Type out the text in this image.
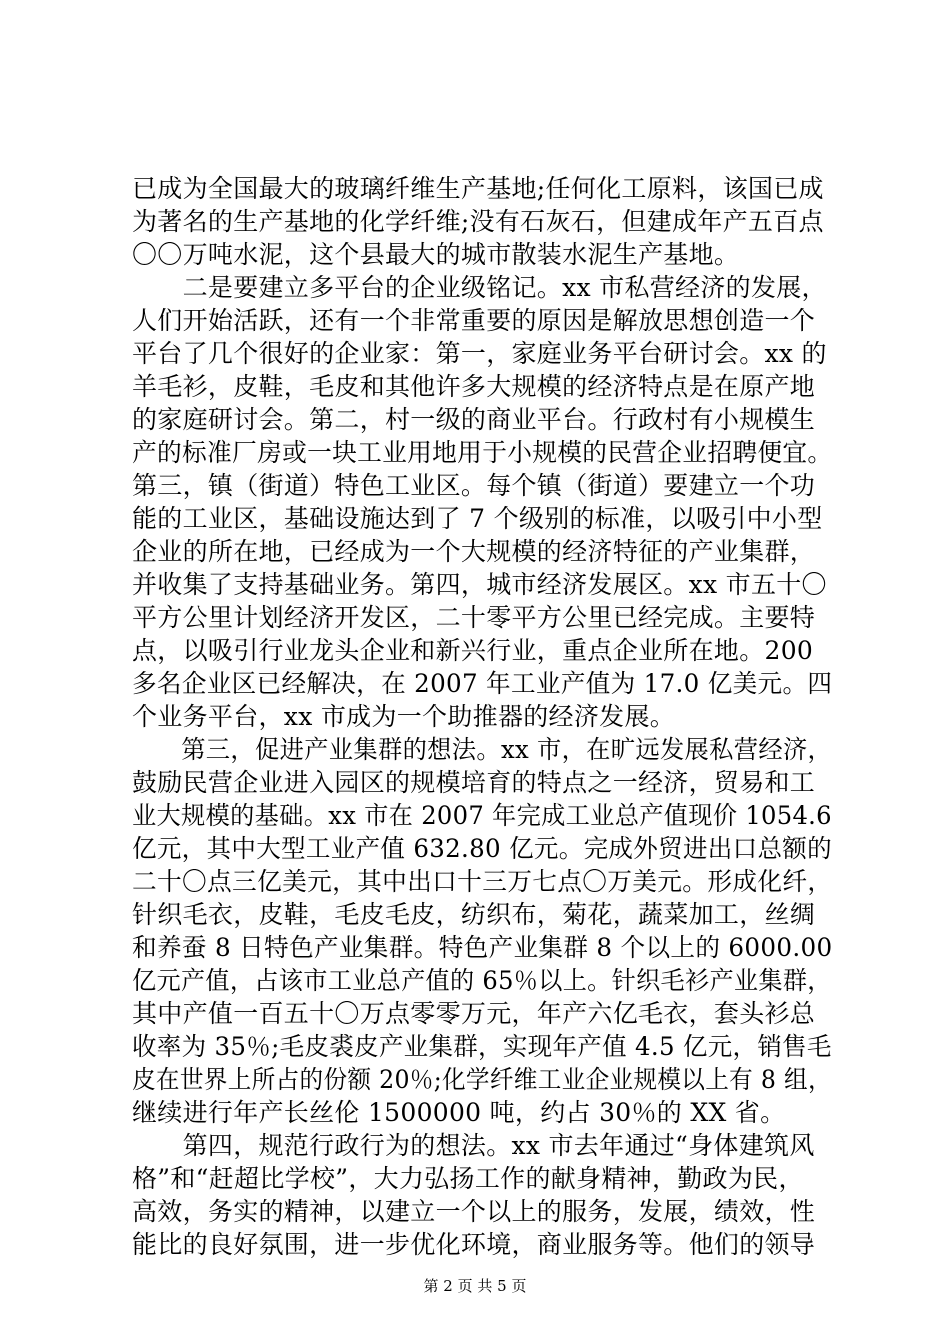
已成为全国最大的玻璃纤维生产基地;任何化工原料，该国已成
为著名的生产基地的化学纤维;没有石灰石，但建成年产五百点
〇〇万吨水泥，这个县最大的城市散装水泥生产基地。
　　二是要建立多平台的企业级铭记。xx 市私营经济的发展，
人们开始活跃，还有一个非常重要的原因是解放思想创造一个
平台了几个很好的企业家：第一，家庭业务平台研讨会。xx 的
羊毛衫，皮鞋，毛皮和其他许多大规模的经济特点是在原产地
的家庭研讨会。第二，村一级的商业平台。行政村有小规模生
产的标准厂房或一块工业用地用于小规模的民营企业招聘便宜。
第三，镇（街道）特色工业区。每个镇（街道）要建立一个功
能的工业区，基础设施达到了 7 个级别的标准，以吸引中小型
企业的所在地，已经成为一个大规模的经济特征的产业集群，
并收集了支持基础业务。第四，城市经济发展区。xx 市五十〇
平方公里计划经济开发区，二十零平方公里已经完成。主要特
点，以吸引行业龙头企业和新兴行业，重点企业所在地。200
多名企业区已经解决，在 2007 年工业产值为 17.0 亿美元。四
个业务平台，xx 市成为一个助推器的经济发展。
　　第三，促进产业集群的想法。xx 市，在旷远发展私营经济，
鼓励民营企业进入园区的规模培育的特点之一经济，贸易和工
业大规模的基础。xx 市在 2007 年完成工业总产值现价 1054.6
亿元，其中大型工业产值 632.80 亿元。完成外贸进出口总额的
二十〇点三亿美元，其中出口十三万七点〇万美元。形成化纤，
针织毛衣，皮鞋，毛皮毛皮，纺织布，菊花，蔬菜加工，丝绸
和养蚕 8 日特色产业集群。特色产业集群 8 个以上的 6000.00
亿元产值，占该市工业总产值的 65％以上。针织毛衫产业集群，
其中产值一百五十〇万点零零万元，年产六亿毛衣，套头衫总
收率为 35％;毛皮裘皮产业集群，实现年产值 4.5 亿元，销售毛
皮在世界上所占的份额 20％;化学纤维工业企业规模以上有 8 组，
继续进行年产长丝伦 1500000 吨，约占 30％的 XX 省。
　　第四，规范行政行为的想法。xx 市去年通过“身体建筑风
格”和“赶超比学校”，大力弘扬工作的献身精神，勤政为民，
高效，务实的精神，以建立一个以上的服务，发展，绩效，性
能比的良好氛围，进一步优化环境，商业服务等。他们的领导
第 2 页 共 5 页
